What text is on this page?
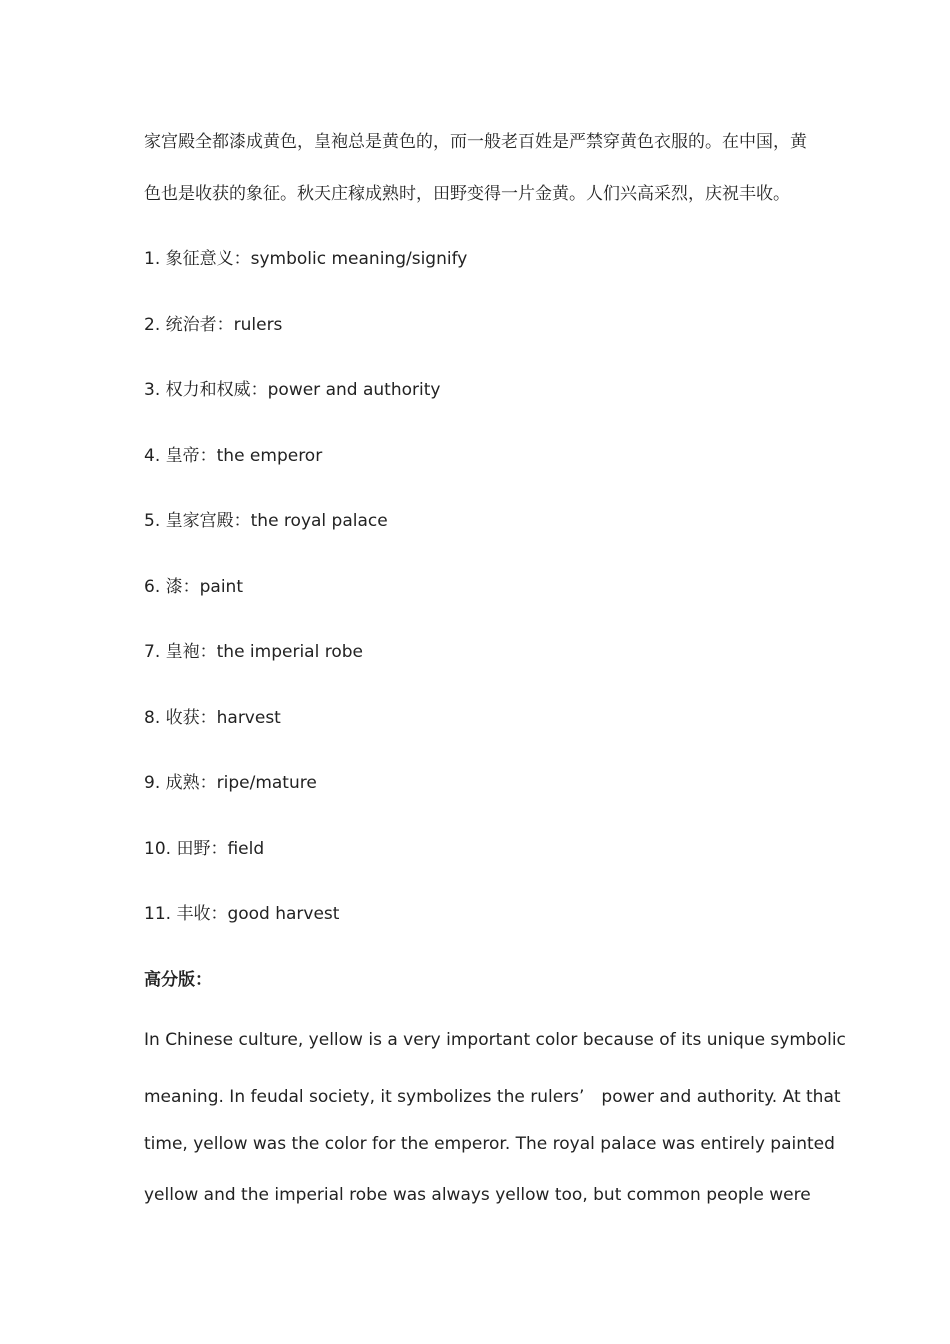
家宫殿全都漆成黄色，皇袍总是黄色的，而一般老百姓是严禁穿黄色衣服的。在中国，黄
色也是收获的象征。秋天庄稼成熟时，田野变得一片金黄。人们兴高采烈，庆祝丰收。
1. 象征意义：symbolic meaning/signify
2. 统治者：rulers
3. 权力和权威：power and authority
4. 皇帝：the emperor
5. 皇家宫殿：the royal palace
6. 漆：paint
7. 皇袍：the imperial robe
8. 收获：harvest
9. 成熟：ripe/mature
10. 田野：field
11. 丰收：good harvest
高分版：
In Chinese culture, yellow is a very important color because of its unique symbolic
meaning. In feudal society, it symbolizes the rulers’　power and authority. At that
time, yellow was the color for the emperor. The royal palace was entirely painted
yellow and the imperial robe was always yellow too, but common people were
